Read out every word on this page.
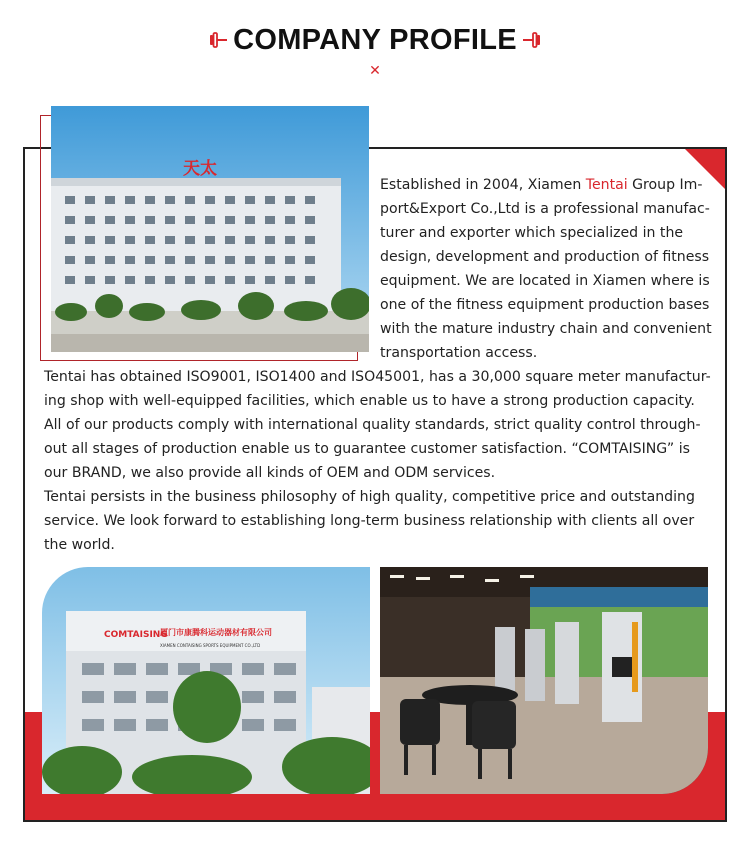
COMPANY PROFILE
✕
天太
Established in 2004, Xiamen Tentai Group Im-
port&Export Co.,Ltd is a professional manufac-
turer and exporter which specialized in the
design, development and production of fitness
equipment. We are located in Xiamen where is
one of the fitness equipment production bases
with the mature industry chain and convenient
transportation access.
Tentai has obtained ISO9001, ISO1400 and ISO45001, has a 30,000 square meter manufactur-
ing shop with well-equipped facilities, which enable us to have a strong production capacity.
All of our products comply with international quality standards, strict quality control through-
out all stages of production enable us to guarantee customer satisfaction. “COMTAISING” is
our BRAND, we also provide all kinds of OEM and ODM services.
Tentai persists in the business philosophy of high quality, competitive price and outstanding
service. We look forward to establishing long-term business relationship with clients all over
the world.
COMTAISING
厦门市康腾科运动器材有限公司
XIAMEN CONTAISING SPORTS EQUIPMENT CO.,LTD
